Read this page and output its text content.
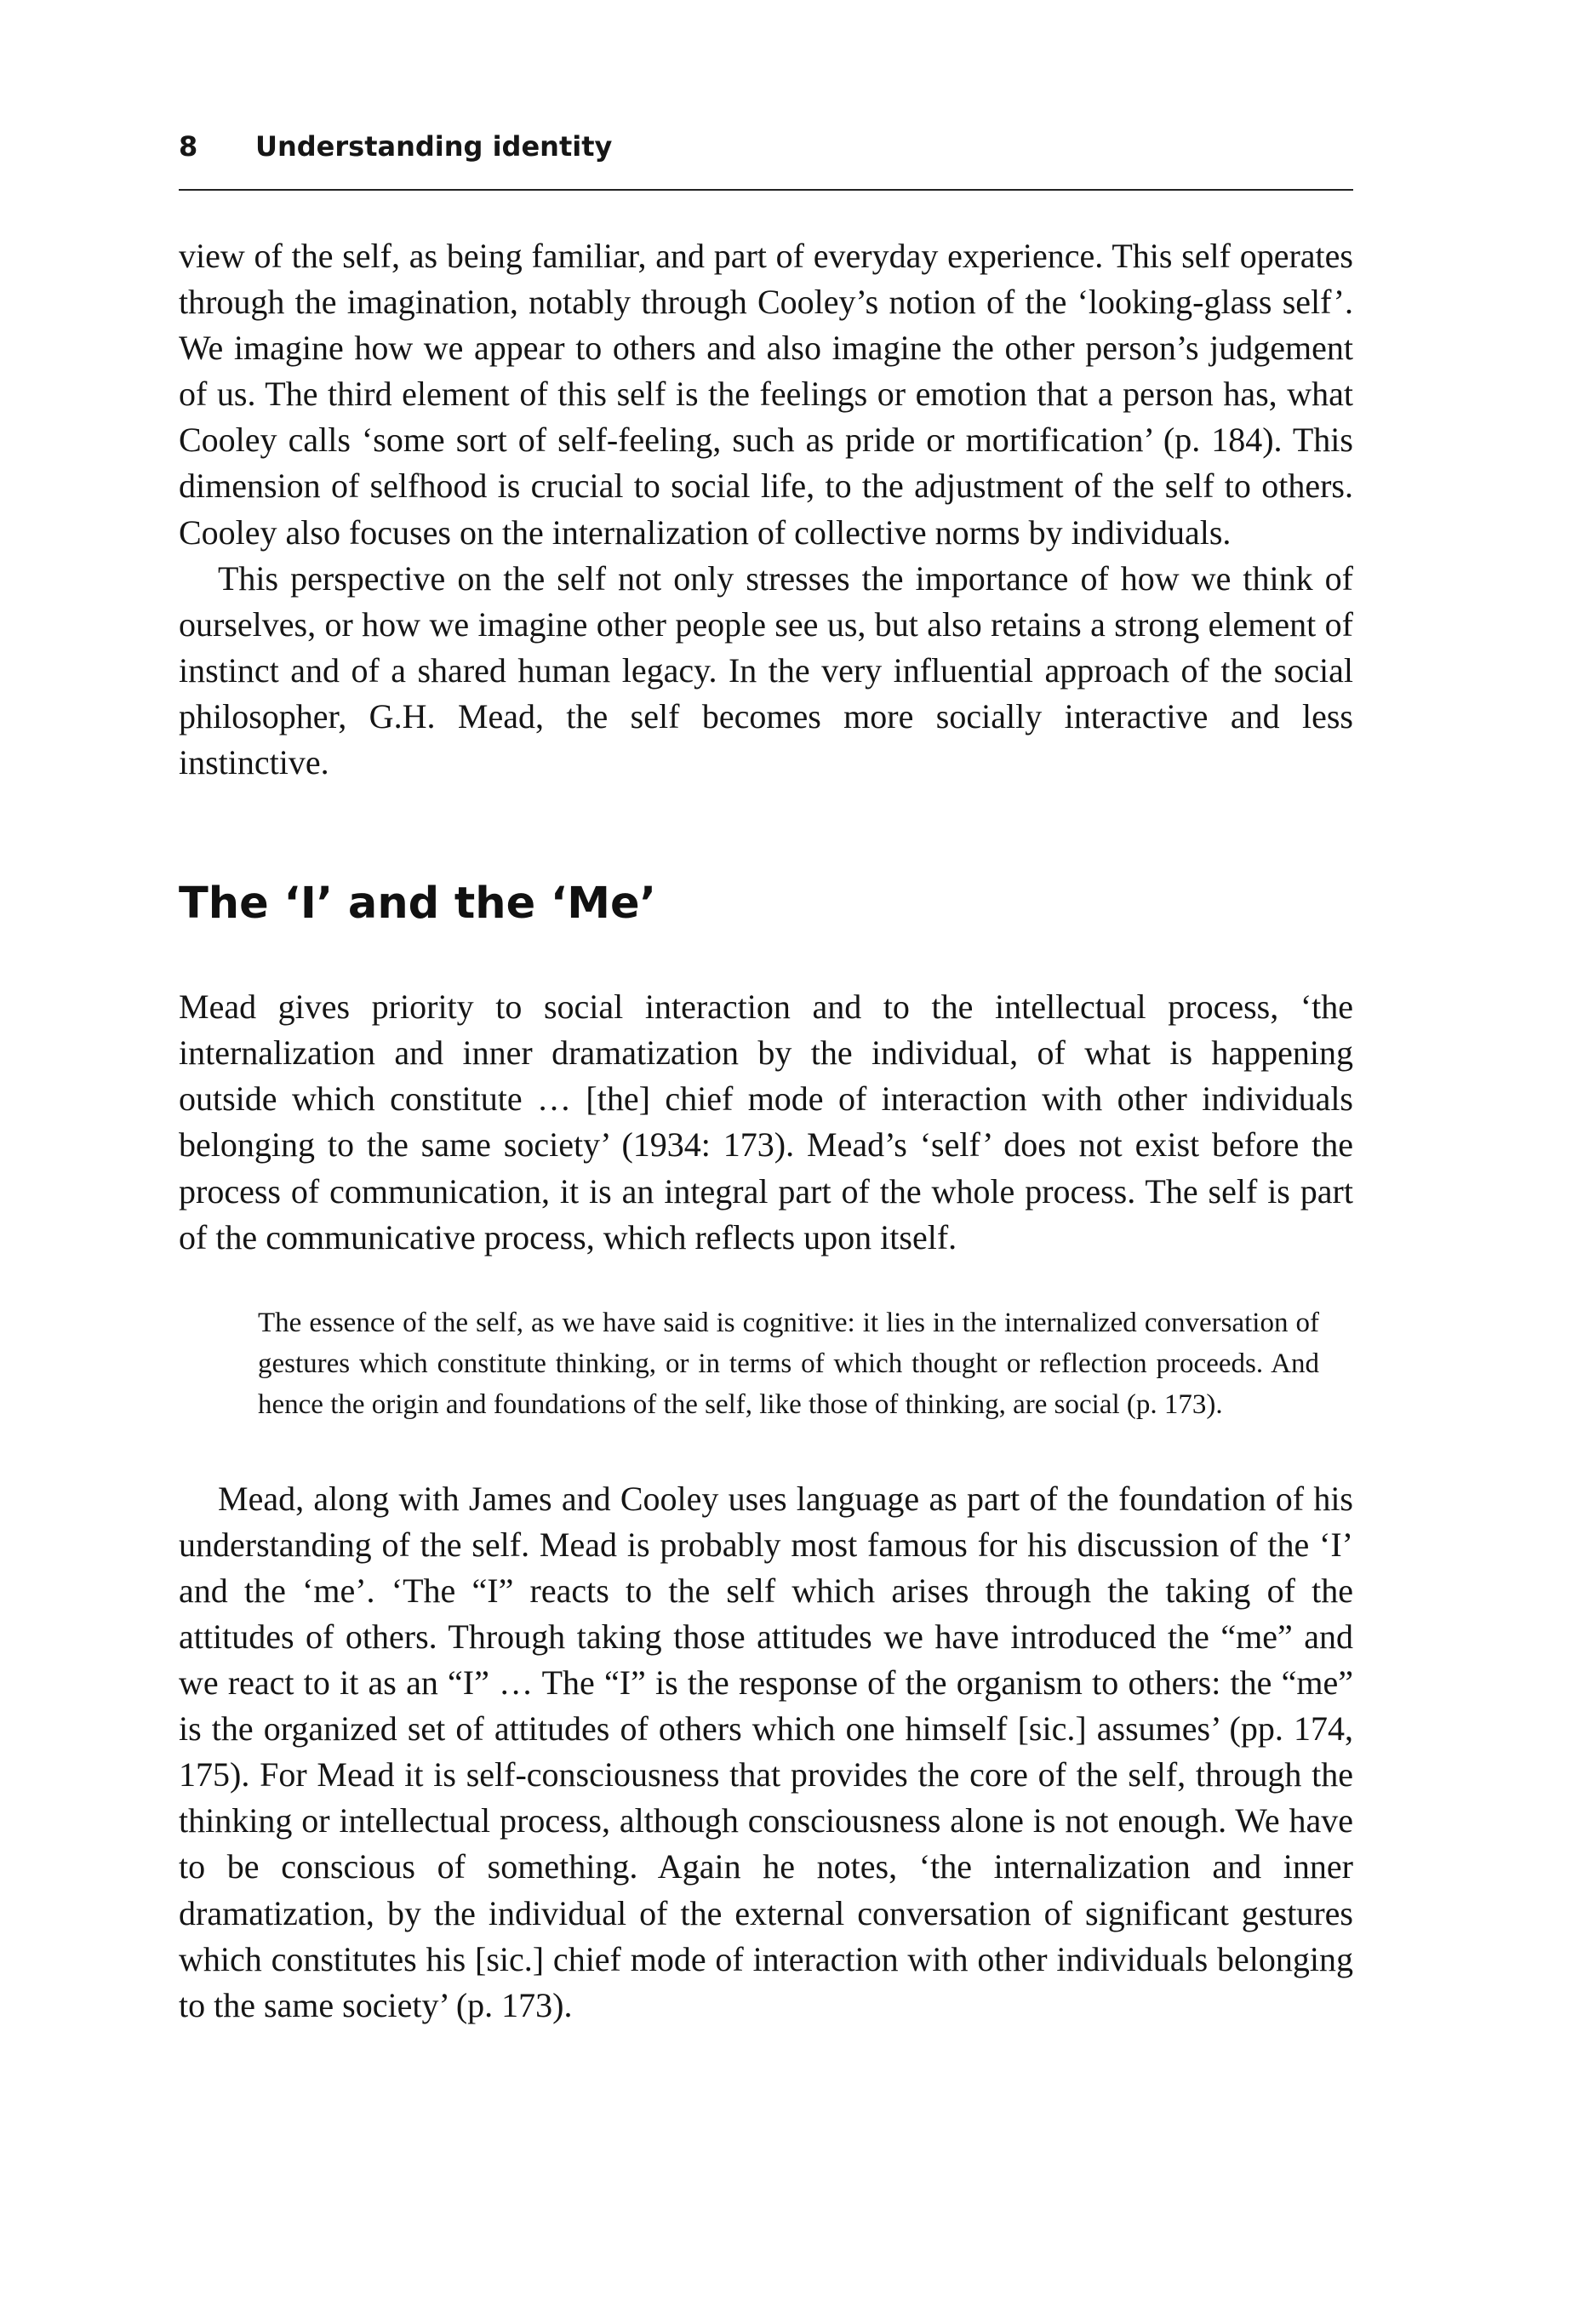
8 Understanding identity

view of the self, as being familiar, and part of everyday experience. This self operates through the imagination, notably through Cooley’s notion of the ‘looking-glass self’. We imagine how we appear to others and also imagine the other person’s judgement of us. The third element of this self is the feelings or emotion that a person has, what Cooley calls ‘some sort of self-feeling, such as pride or mortification’ (p. 184). This dimension of selfhood is crucial to social life, to the adjustment of the self to others. Cooley also focuses on the internalization of collective norms by individuals.

This perspective on the self not only stresses the importance of how we think of ourselves, or how we imagine other people see us, but also retains a strong element of instinct and of a shared human legacy. In the very influential approach of the social philosopher, G.H. Mead, the self becomes more socially interactive and less instinctive.

The ‘I’ and the ‘Me’

Mead gives priority to social interaction and to the intellectual process, ‘the internalization and inner dramatization by the individual, of what is happening outside which constitute … [the] chief mode of interaction with other individuals belonging to the same society’ (1934: 173). Mead’s ‘self’ does not exist before the process of communication, it is an integral part of the whole process. The self is part of the communicative process, which reflects upon itself.

The essence of the self, as we have said is cognitive: it lies in the internalized conversation of gestures which constitute thinking, or in terms of which thought or reflection proceeds. And hence the origin and foundations of the self, like those of thinking, are social (p. 173).

Mead, along with James and Cooley uses language as part of the foundation of his understanding of the self. Mead is probably most famous for his discussion of the ‘I’ and the ‘me’. ‘The “I” reacts to the self which arises through the taking of the attitudes of others. Through taking those attitudes we have introduced the “me” and we react to it as an “I” … The “I” is the response of the organism to others: the “me” is the organized set of attitudes of others which one himself [sic.] assumes’ (pp. 174, 175). For Mead it is self-consciousness that provides the core of the self, through the thinking or intellectual process, although consciousness alone is not enough. We have to be conscious of something. Again he notes, ‘the internalization and inner dramatization, by the individual of the external conversation of significant gestures which constitutes his [sic.] chief mode of interaction with other individuals belonging to the same society’ (p. 173).
